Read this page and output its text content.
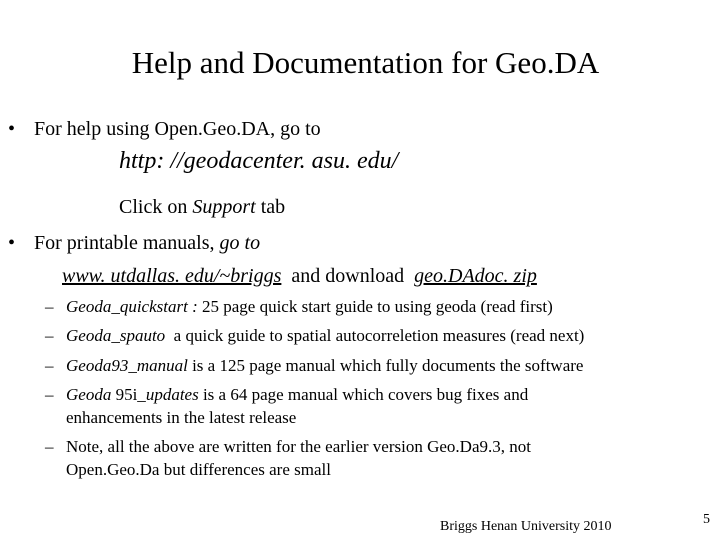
Help and Documentation for Geo.DA
• For help using Open.Geo.DA, go to
http: //geodacenter. asu. edu/
Click on Support tab
• For printable manuals, go to
www. utdallas. edu/~briggs  and download  geo.DAdoc. zip
– Geoda_quickstart : 25 page quick start guide to using geoda (read first)
– Geoda_spauto  a quick guide to spatial autocorreletion measures (read next)
– Geoda93_manual is a 125 page manual which fully documents the software
– Geoda 95i_updates is a 64 page manual which covers bug fixes and
enhancements in the latest release
– Note, all the above are written for the earlier version Geo.Da9.3, not
Open.Geo.Da but differences are small
Briggs Henan University 2010	5
